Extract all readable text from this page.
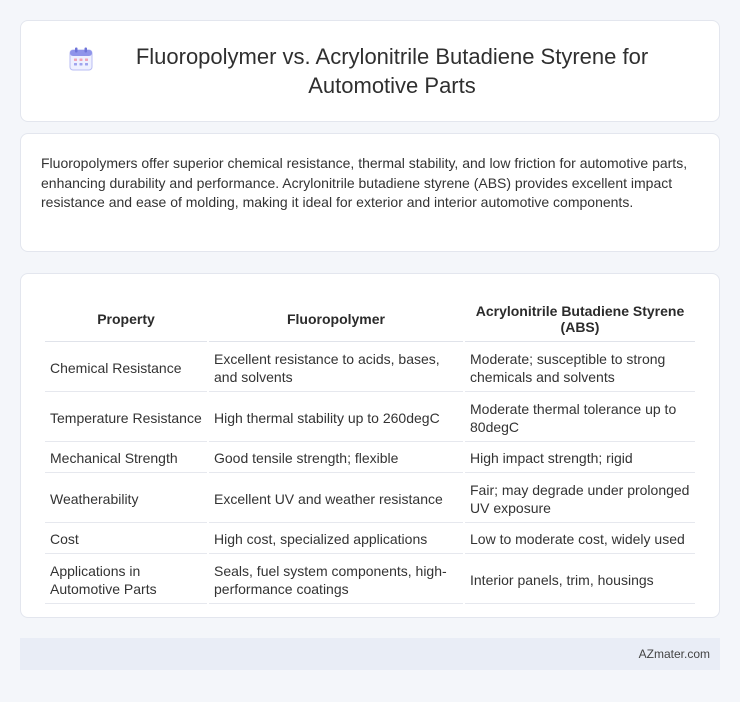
Fluoropolymer vs. Acrylonitrile Butadiene Styrene for Automotive Parts

Fluoropolymers offer superior chemical resistance, thermal stability, and low friction for automotive parts, enhancing durability and performance. Acrylonitrile butadiene styrene (ABS) provides excellent impact resistance and ease of molding, making it ideal for exterior and interior automotive components.

Property	Fluoropolymer	Acrylonitrile Butadiene Styrene (ABS)
Chemical Resistance	Excellent resistance to acids, bases, and solvents	Moderate; susceptible to strong chemicals and solvents
Temperature Resistance	High thermal stability up to 260degC	Moderate thermal tolerance up to 80degC
Mechanical Strength	Good tensile strength; flexible	High impact strength; rigid
Weatherability	Excellent UV and weather resistance	Fair; may degrade under prolonged UV exposure
Cost	High cost, specialized applications	Low to moderate cost, widely used
Applications in Automotive Parts	Seals, fuel system components, high-performance coatings	Interior panels, trim, housings
AZmater.com
